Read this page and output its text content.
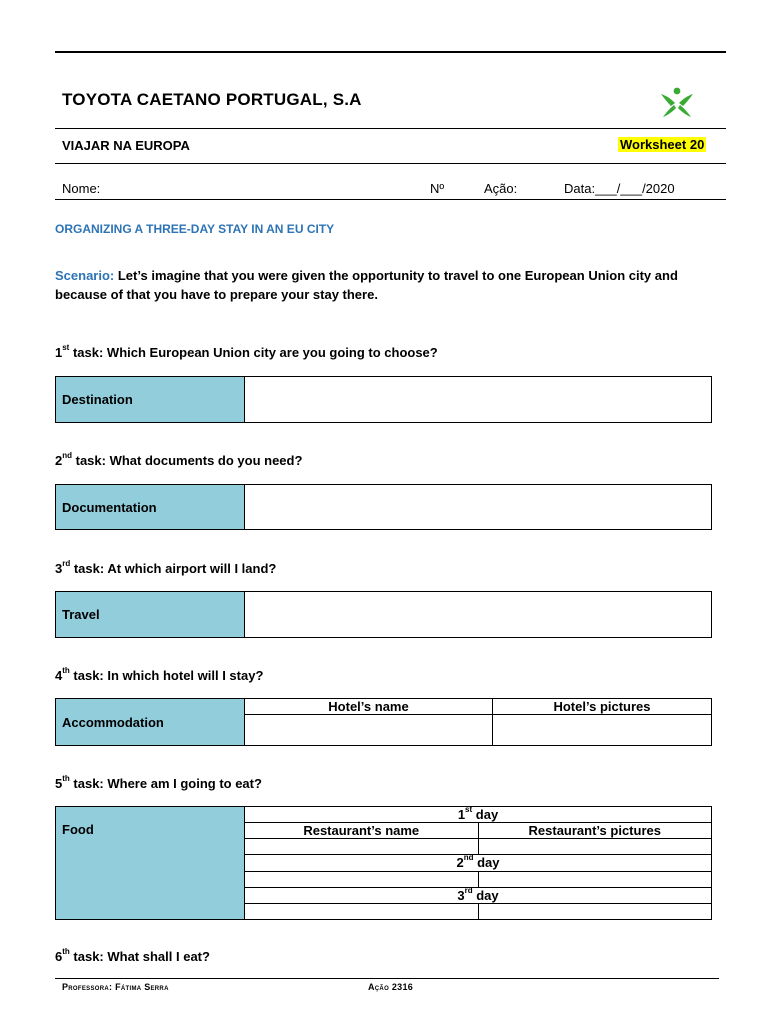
TOYOTA CAETANO PORTUGAL, S.A
VIAJAR NA EUROPA	Worksheet 20
Nome:	Nº	Ação:	Data:___/___/2020
ORGANIZING A THREE-DAY STAY IN AN EU CITY
Scenario: Let’s imagine that you were given the opportunity to travel to one European Union city and because of that you have to prepare your stay there.
1st task: Which European Union city are you going to choose?
Destination	
2nd task: What documents do you need?
Documentation	
3rd task: At which airport will I land?
Travel	
4th task: In which hotel will I stay?
Accommodation	Hotel’s name	Hotel’s pictures

5th task: Where am I going to eat?
Food	1st day	
	Restaurant’s name	Restaurant’s pictures

	2nd day	

	3rd day	

6th task: What shall I eat?
Professora: Fátima Serra	Ação 2316
